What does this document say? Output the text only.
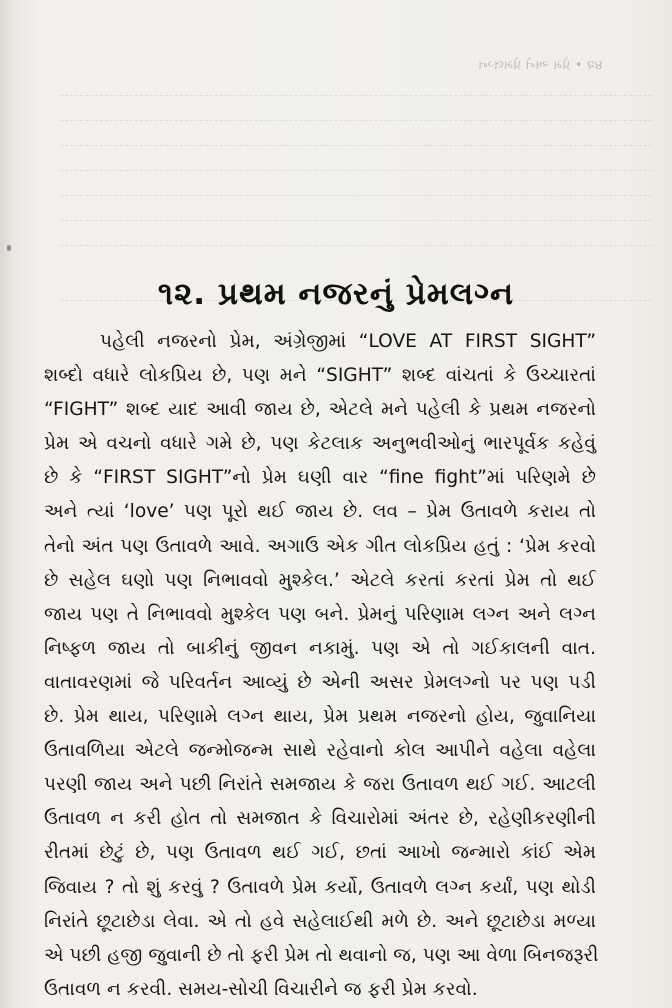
૪૨ • પ્રેમ અને પ્રેમલગ્ન
૧૨. પ્રથમ નજરનું પ્રેમલગ્ન
પહેલી નજરનો પ્રેમ, અંગ્રેજીમાં “LOVE AT FIRST SIGHT”
શબ્દો વધારે લોકપ્રિય છે, પણ મને “SIGHT” શબ્દ વાંચતાં કે ઉચ્ચારતાં
“FIGHT” શબ્દ યાદ આવી જાય છે, એટલે મને પહેલી કે પ્રથમ નજરનો
પ્રેમ એ વચનો વધારે ગમે છે, પણ કેટલાક અનુભવીઓનું ભારપૂર્વક કહેવું
છે કે “FIRST SIGHT”નો પ્રેમ ઘણી વાર “fine fight”માં પરિણમે છે
અને ત્યાં ‘love’ પણ પૂરો થઈ જાય છે. લવ – પ્રેમ ઉતાવળે કરાય તો
તેનો અંત પણ ઉતાવળે આવે. અગાઉ એક ગીત લોકપ્રિય હતું : ‘પ્રેમ કરવો
છે સહેલ ઘણો પણ નિભાવવો મુશ્કેલ.’ એટલે કરતાં કરતાં પ્રેમ તો થઈ
જાય પણ તે નિભાવવો મુશ્કેલ પણ બને. પ્રેમનું પરિણામ લગ્ન અને લગ્ન
નિષ્ફળ જાય તો બાકીનું જીવન નકામું. પણ એ તો ગઈકાલની વાત.
વાતાવરણમાં જે પરિવર્તન આવ્યું છે એની અસર પ્રેમલગ્નો પર પણ પડી
છે. પ્રેમ થાય, પરિણામે લગ્ન થાય, પ્રેમ પ્રથમ નજરનો હોય, જુવાનિયા
ઉતાવળિયા એટલે જન્મોજન્મ સાથે રહેવાનો કોલ આપીને વહેલા વહેલા
પરણી જાય અને પછી નિરાંતે સમજાય કે જરા ઉતાવળ થઈ ગઈ. આટલી
ઉતાવળ ન કરી હોત તો સમજાત કે વિચારોમાં અંતર છે, રહેણીકરણીની
રીતમાં છેટું છે, પણ ઉતાવળ થઈ ગઈ, છતાં આખો જન્મારો કાંઈ એમ
જિવાય ? તો શું કરવું ? ઉતાવળે પ્રેમ કર્યો, ઉતાવળે લગ્ન કર્યાં, પણ થોડી
નિરાંતે છૂટાછેડા લેવા. એ તો હવે સહેલાઈથી મળે છે. અને છૂટાછેડા મળ્યા
એ પછી હજી જુવાની છે તો ફરી પ્રેમ તો થવાનો જ, પણ આ વેળા બિનજરૂરી
ઉતાવળ ન કરવી. સમય-સોચી વિચારીને જ ફરી પ્રેમ કરવો.
